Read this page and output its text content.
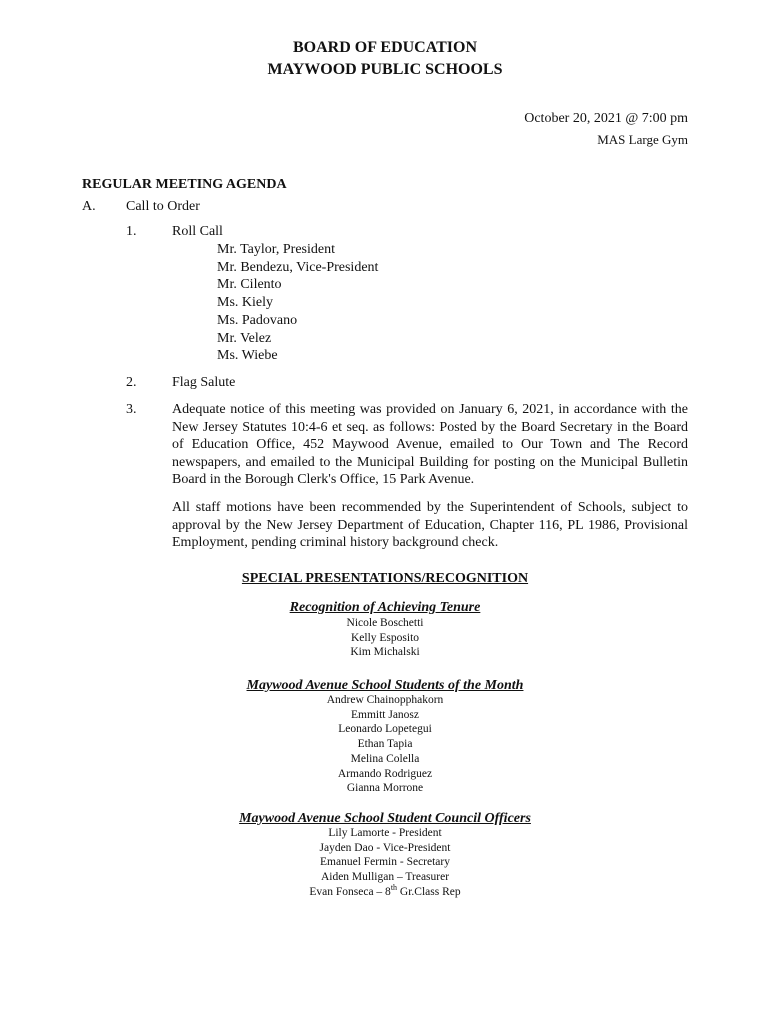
BOARD OF EDUCATION
MAYWOOD PUBLIC SCHOOLS
October 20, 2021 @ 7:00 pm
MAS Large Gym
REGULAR MEETING AGENDA
A. Call to Order
1.	Roll Call
Mr. Taylor, President
Mr. Bendezu, Vice-President
Mr. Cilento
Ms. Kiely
Ms. Padovano
Mr. Velez
Ms. Wiebe
2.	Flag Salute
3.	Adequate notice of this meeting was provided on January 6, 2021, in accordance with the New Jersey Statutes 10:4-6 et seq. as follows: Posted by the Board Secretary in the Board of Education Office, 452 Maywood Avenue, emailed to Our Town and The Record newspapers, and emailed to the Municipal Building for posting on the Municipal Bulletin Board in the Borough Clerk's Office, 15 Park Avenue.
All staff motions have been recommended by the Superintendent of Schools, subject to approval by the New Jersey Department of Education, Chapter 116, PL 1986, Provisional Employment, pending criminal history background check.
SPECIAL PRESENTATIONS/RECOGNITION
Recognition of Achieving Tenure
Nicole Boschetti
Kelly Esposito
Kim Michalski
Maywood Avenue School Students of the Month
Andrew Chainopphakorn
Emmitt Janosz
Leonardo Lopetegui
Ethan Tapia
Melina Colella
Armando Rodriguez
Gianna Morrone
Maywood Avenue School Student Council Officers
Lily Lamorte - President
Jayden Dao - Vice-President
Emanuel Fermin - Secretary
Aiden Mulligan – Treasurer
Evan Fonseca – 8th Gr.Class Rep
